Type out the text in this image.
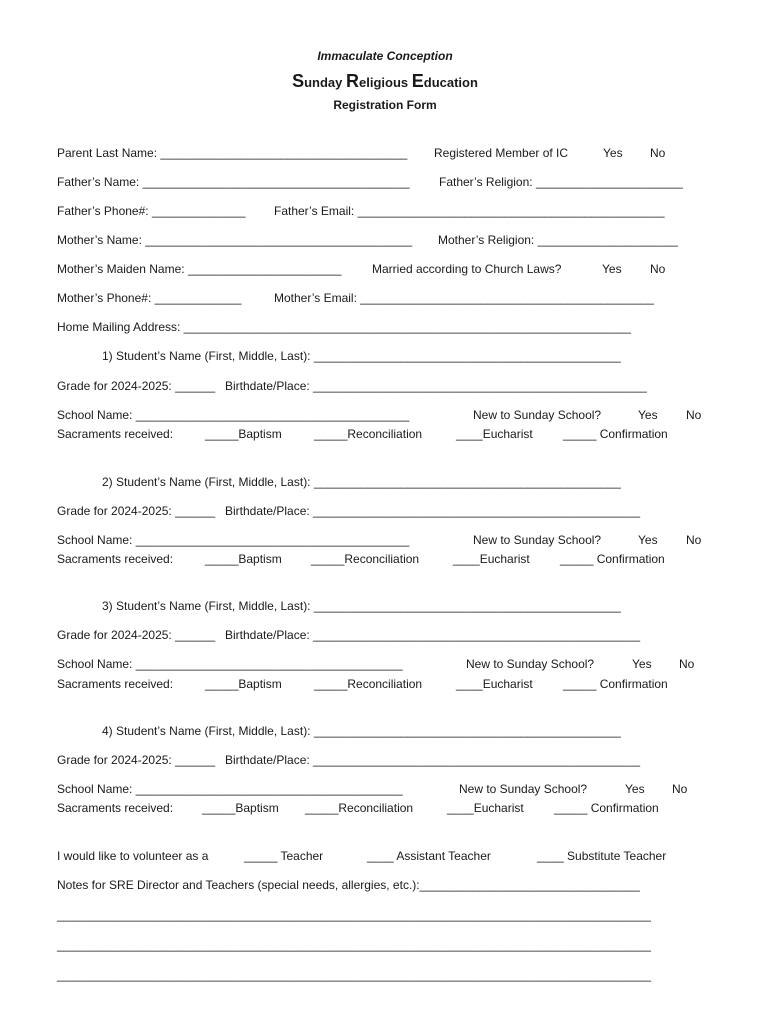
Immaculate Conception
Sunday Religious Education
Registration Form
Parent Last Name: _____________________________________ Registered Member of IC	Yes No
Father’s Name: ________________________________________ Father’s Religion: ______________________
Father’s Phone#: ______________ Father’s Email: ______________________________________________
Mother’s Name: ________________________________________ Mother’s Religion: _____________________
Mother’s Maiden Name: _______________________	Married according to Church Laws?	Yes No
Mother’s Phone#: _____________	Mother’s Email: ____________________________________________
Home Mailing Address: ___________________________________________________________________
1) Student’s Name (First, Middle, Last): ______________________________________________
Grade for 2024-2025: ______ Birthdate/Place: __________________________________________________
School Name: _________________________________________	New to Sunday School?	Yes No
Sacraments received:	_____Baptism	_____Reconciliation	____Eucharist	_____ Confirmation
2) Student’s Name (First, Middle, Last): ______________________________________________
Grade for 2024-2025: ______ Birthdate/Place: _________________________________________________
School Name: _________________________________________	New to Sunday School?	Yes No
Sacraments received:	_____Baptism _____Reconciliation	____Eucharist	_____ Confirmation
3) Student’s Name (First, Middle, Last): ______________________________________________
Grade for 2024-2025: ______ Birthdate/Place: _________________________________________________
School Name: ________________________________________	New to Sunday School?	Yes No
Sacraments received:	_____Baptism	_____Reconciliation	____Eucharist	_____ Confirmation
4) Student’s Name (First, Middle, Last): ______________________________________________
Grade for 2024-2025: ______ Birthdate/Place: _________________________________________________
School Name: ________________________________________	New to Sunday School?	Yes No
Sacraments received: _____Baptism _____Reconciliation	____Eucharist	_____ Confirmation
I would like to volunteer as a	_____ Teacher	____ Assistant Teacher	____ Substitute Teacher
Notes for SRE Director and Teachers (special needs, allergies, etc.):_________________________________
_________________________________________________________________________________________
_________________________________________________________________________________________
_________________________________________________________________________________________
